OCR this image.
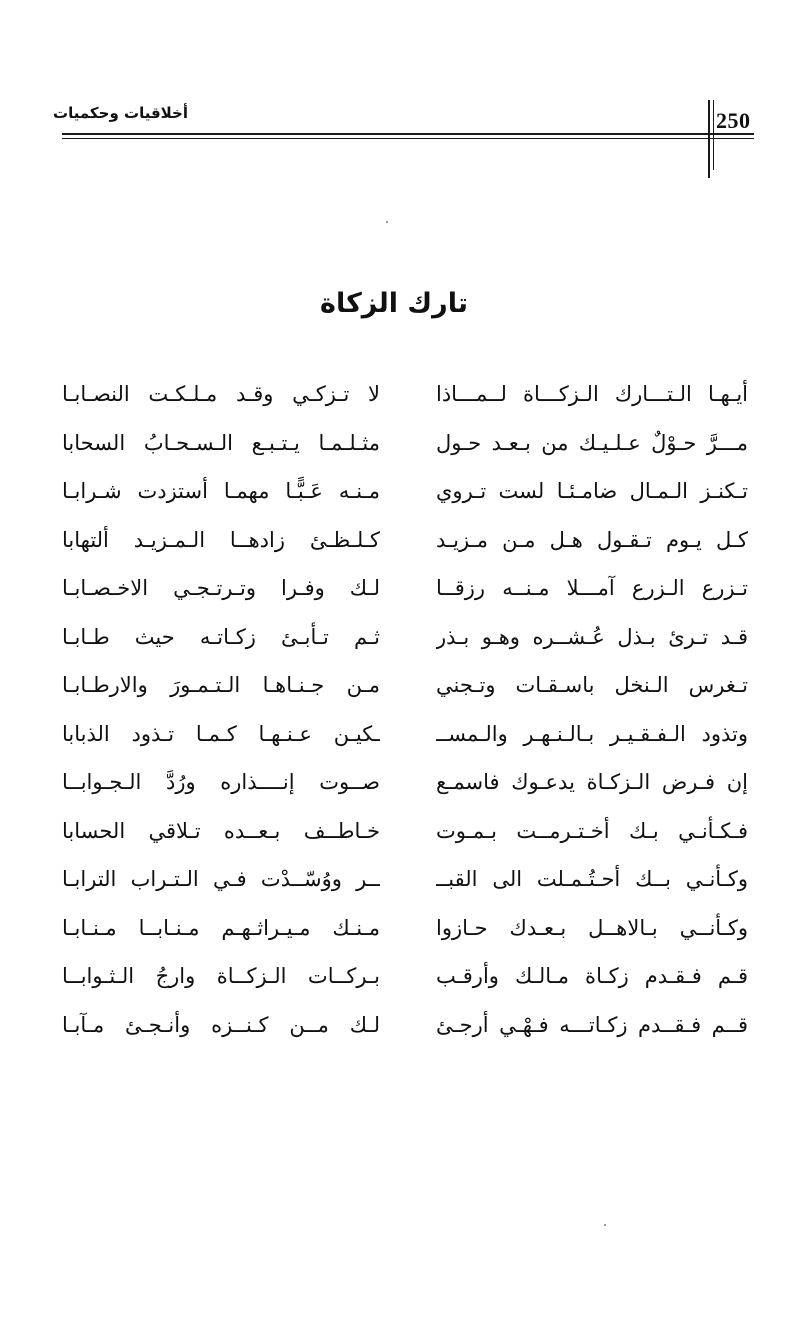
250
أخلاقيات وحكميات
تارك الزكاة
أيـهـا الـتـــارك الـزكـــاة لــمـــاذا
لا تـزكـي وقـد مـلـكـت النصـابـا
مـــرَّ حـوْلٌ عـلـيـك من بـعـد حـول
مثـلـمـا يـتـبـع الـسـحـابُ السحابا
تـكنـز الـمـال ضامـئـا لست تـروي
مـنـه عَـبًّـا مهمـا أستزدت شـرابـا
كـل يـوم تـقـول هـل مـن مـزيـد
كـلـظـئ زادهــا الـمـزيـد ألتهابا
تـزرع الـزرع آمـــلا مـنــه رزقــا
لـك وفـرا وتـرتـجـي الاخـصـابـا
قـد تـرئ بـذل عُـشــره وهـو بـذر
ثـم تـأبـئ زكـاتـه حيث طـابـا
تـغرس الـنخل باسـقـات وتـجني
مـن جـنـاهـا الـتـمـورَ والارطـابـا
وتذود الـفـقـيـر بـالـنـهـر والـمســ
ـكيـن عـنـهـا كـمـا تـذود الذبابا
إن فـرض الـزكـاة يدعـوك فاسمـع
صــوت إنــــذاره ورُدَّ الـجـوابــا
فـكـأنـي بـك أخـتـرمــت بـمـوت
خـاطــف بـعــده تـلاقي الحسابا
وكـأنـي بــك أحـتُـمـلت الى القبــ
ــر ووُسّــدْت فـي الـتـراب الترابـا
وكـأنــي بـالاهــل بـعـدك حـازوا
مـنـك مـيـراثـهـم مـنـابــا مـنـابـا
قـم فـقـدم زكـاة مـالـك وأرقـب
بـركــات الـزكــاة وارجُ الـثـوابــا
قــم فـقــدم زكـاتـــه فـهْـي أرجـئ
لـك مــن كـنــزه وأنـجـئ مـآبـا
